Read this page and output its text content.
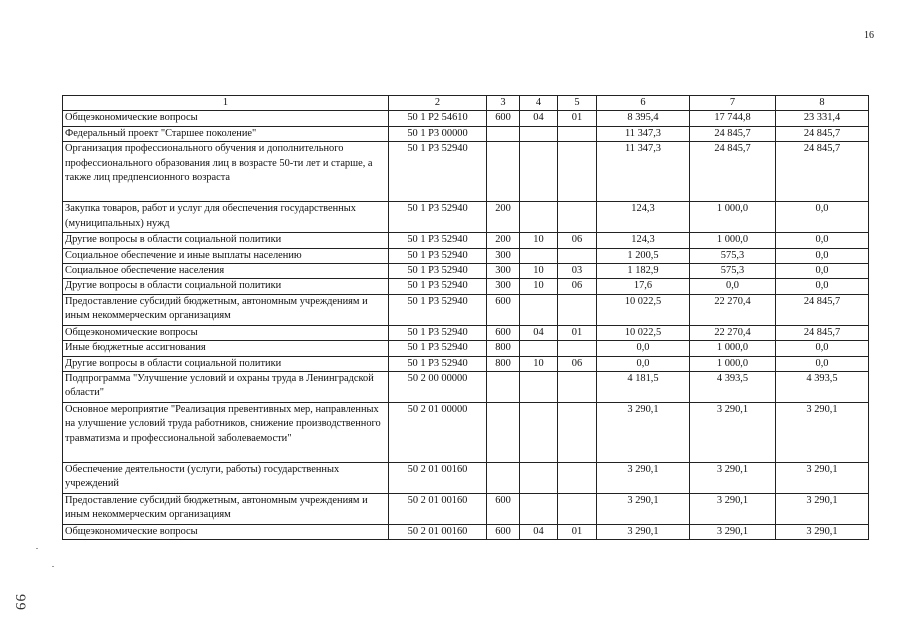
16
99
1	2	3	4	5	6	7	8
Общеэкономические вопросы	50 1 P2 54610	600	04	01	8 395,4	17 744,8	23 331,4
Федеральный проект "Старшее поколение"	50 1 P3 00000				11 347,3	24 845,7	24 845,7
Организация профессионального обучения и дополнительного профессионального образования лиц в возрасте 50-ти лет и старше, а также лиц предпенсионного возраста	50 1 P3 52940				11 347,3	24 845,7	24 845,7
Закупка товаров, работ и услуг для обеспечения государственных (муниципальных) нужд	50 1 P3 52940	200			124,3	1 000,0	0,0
Другие вопросы в области социальной политики	50 1 P3 52940	200	10	06	124,3	1 000,0	0,0
Социальное обеспечение и иные выплаты населению	50 1 P3 52940	300			1 200,5	575,3	0,0
Социальное обеспечение населения	50 1 P3 52940	300	10	03	1 182,9	575,3	0,0
Другие вопросы в области социальной политики	50 1 P3 52940	300	10	06	17,6	0,0	0,0
Предоставление субсидий бюджетным, автономным учреждениям и иным некоммерческим организациям	50 1 P3 52940	600			10 022,5	22 270,4	24 845,7
Общеэкономические вопросы	50 1 P3 52940	600	04	01	10 022,5	22 270,4	24 845,7
Иные бюджетные ассигнования	50 1 P3 52940	800			0,0	1 000,0	0,0
Другие вопросы в области социальной политики	50 1 P3 52940	800	10	06	0,0	1 000,0	0,0
Подпрограмма "Улучшение условий и охраны труда в Ленинградской области"	50 2 00 00000				4 181,5	4 393,5	4 393,5
Основное мероприятие "Реализация превентивных мер, направленных на улучшение условий труда работников, снижение производственного травматизма и профессиональной заболеваемости"	50 2 01 00000				3 290,1	3 290,1	3 290,1
Обеспечение деятельности (услуги, работы) государственных учреждений	50 2 01 00160				3 290,1	3 290,1	3 290,1
Предоставление субсидий бюджетным, автономным учреждениям и иным некоммерческим организациям	50 2 01 00160	600			3 290,1	3 290,1	3 290,1
Общеэкономические вопросы	50 2 01 00160	600	04	01	3 290,1	3 290,1	3 290,1
